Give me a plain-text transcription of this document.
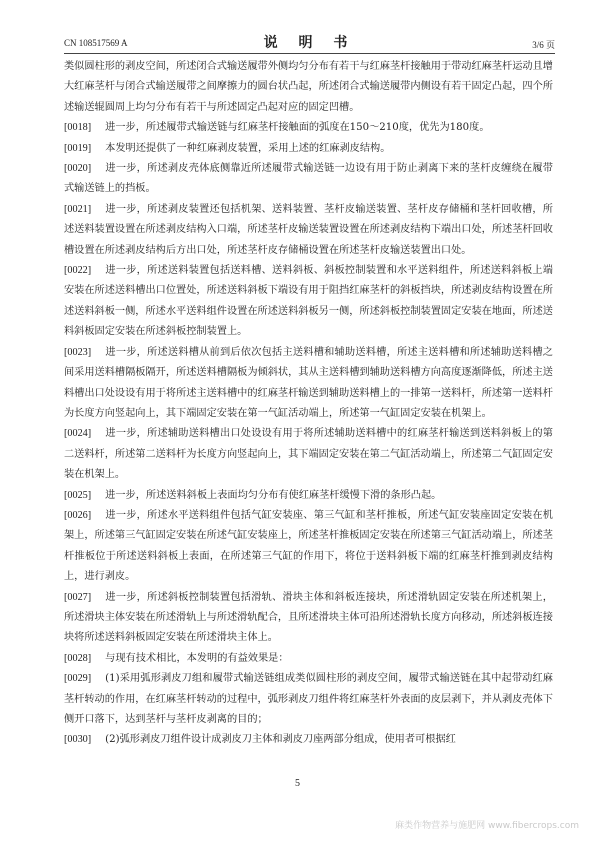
CN 108517569 A	说 明 书	3/6 页

类似圆柱形的剥皮空间，所述闭合式输送履带外侧均匀分布有若干与红麻茎杆接触用于带动红麻茎杆运动且增大红麻茎杆与闭合式输送履带之间摩擦力的圆台状凸起，所述闭合式输送履带内侧设有若干固定凸起，四个所述输送辊圆周上均匀分布有若干与所述固定凸起对应的固定凹槽。

[0018] 进一步，所述履带式输送链与红麻茎杆接触面的弧度在150～210度，优先为180度。

[0019] 本发明还提供了一种红麻剥皮装置，采用上述的红麻剥皮结构。

[0020] 进一步，所述剥皮壳体底侧靠近所述履带式输送链一边设有用于防止剥离下来的茎杆皮缠绕在履带式输送链上的挡板。

[0021] 进一步，所述剥皮装置还包括机架、送料装置、茎杆皮输送装置、茎杆皮存储桶和茎杆回收槽，所述送料装置设置在所述剥皮结构入口端，所述茎杆皮输送装置设置在所述剥皮结构下端出口处，所述茎杆回收槽设置在所述剥皮结构后方出口处，所述茎杆皮存储桶设置在所述茎杆皮输送装置出口处。

[0022] 进一步，所述送料装置包括送料槽、送料斜板、斜板控制装置和水平送料组件，所述送料斜板上端安装在所述送料槽出口位置处，所述送料斜板下端设有用于阻挡红麻茎杆的斜板挡块，所述剥皮结构设置在所述送料斜板一侧，所述水平送料组件设置在所述送料斜板另一侧，所述斜板控制装置固定安装在地面，所述送料斜板固定安装在所述斜板控制装置上。

[0023] 进一步，所述送料槽从前到后依次包括主送料槽和辅助送料槽，所述主送料槽和所述辅助送料槽之间采用送料槽隔板隔开，所述送料槽隔板为倾斜状，其从主送料槽到辅助送料槽方向高度逐渐降低，所述主送料槽出口处设设有用于将所述主送料槽中的红麻茎杆输送到辅助送料槽上的一排第一送料杆，所述第一送料杆为长度方向竖起向上，其下端固定安装在第一气缸活动端上，所述第一气缸固定安装在机架上。

[0024] 进一步，所述辅助送料槽出口处设设有用于将所述辅助送料槽中的红麻茎杆输送到送料斜板上的第二送料杆，所述第二送料杆为长度方向竖起向上，其下端固定安装在第二气缸活动端上，所述第二气缸固定安装在机架上。

[0025] 进一步，所述送料斜板上表面均匀分布有使红麻茎杆缓慢下滑的条形凸起。

[0026] 进一步，所述水平送料组件包括气缸安装座、第三气缸和茎杆推板，所述气缸安装座固定安装在机架上，所述第三气缸固定安装在所述气缸安装座上，所述茎杆推板固定安装在所述第三气缸活动端上，所述茎杆推板位于所述送料斜板上表面，在所述第三气缸的作用下，将位于送料斜板下端的红麻茎杆推到剥皮结构上，进行剥皮。

[0027] 进一步，所述斜板控制装置包括滑轨、滑块主体和斜板连接块，所述滑轨固定安装在所述机架上，所述滑块主体安装在所述滑轨上与所述滑轨配合，且所述滑块主体可沿所述滑轨长度方向移动，所述斜板连接块将所述送料斜板固定安装在所述滑块主体上。

[0028] 与现有技术相比，本发明的有益效果是：

[0029] (1)采用弧形剥皮刀组和履带式输送链组成类似圆柱形的剥皮空间，履带式输送链在其中起带动红麻茎杆转动的作用，在红麻茎杆转动的过程中，弧形剥皮刀组件将红麻茎杆外表面的皮层剥下，并从剥皮壳体下侧开口落下，达到茎杆与茎杆皮剥离的目的；

[0030] (2)弧形剥皮刀组件设计成剥皮刀主体和剥皮刀座两部分组成，使用者可根据红

5
麻类作物营养与施肥网 www.fibercrops.com
